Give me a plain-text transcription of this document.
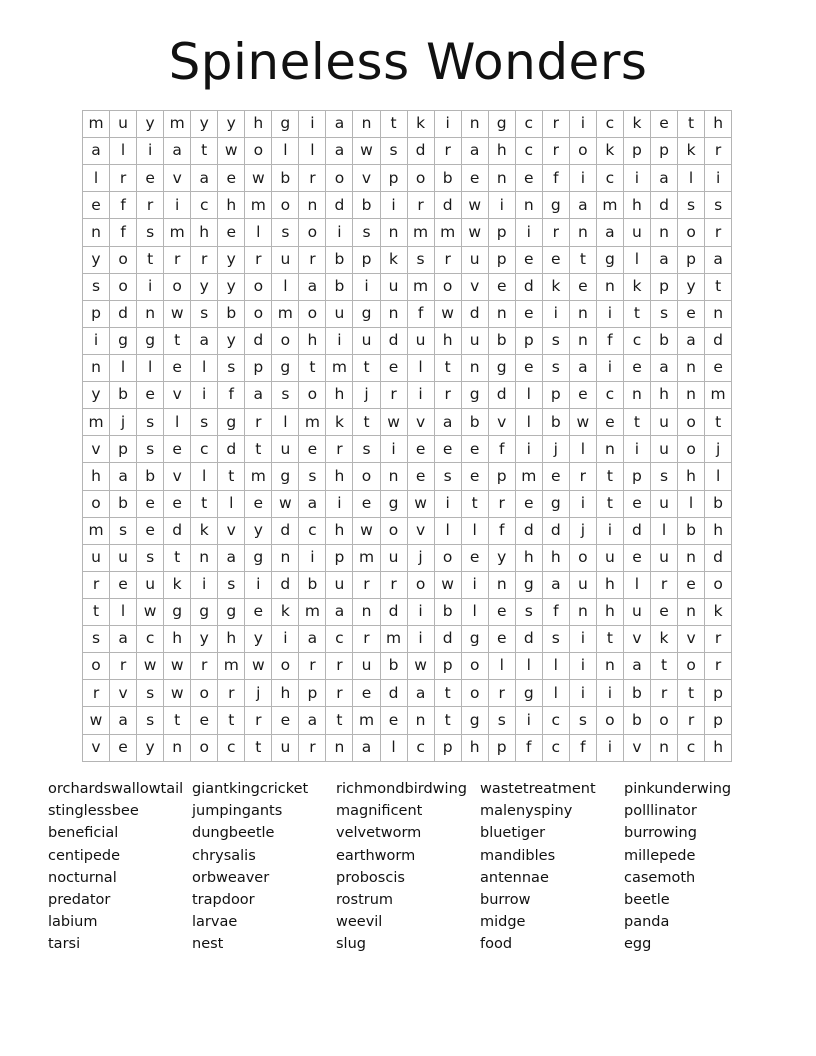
Spineless Wonders
m	u	y	m	y	y	h	g	i	a	n	t	k	i	n	g	c	r	i	c	k	e	t	h
a	l	i	a	t	w	o	l	l	a	w	s	d	r	a	h	c	r	o	k	p	p	k	r
l	r	e	v	a	e	w	b	r	o	v	p	o	b	e	n	e	f	i	c	i	a	l	i
e	f	r	i	c	h	m	o	n	d	b	i	r	d	w	i	n	g	a	m	h	d	s	s
n	f	s	m	h	e	l	s	o	i	s	n	m	m	w	p	i	r	n	a	u	n	o	r
y	o	t	r	r	y	r	u	r	b	p	k	s	r	u	p	e	e	t	g	l	a	p	a
s	o	i	o	y	y	o	l	a	b	i	u	m	o	v	e	d	k	e	n	k	p	y	t
p	d	n	w	s	b	o	m	o	u	g	n	f	w	d	n	e	i	n	i	t	s	e	n
i	g	g	t	a	y	d	o	h	i	u	d	u	h	u	b	p	s	n	f	c	b	a	d
n	l	l	e	l	s	p	g	t	m	t	e	l	t	n	g	e	s	a	i	e	a	n	e
y	b	e	v	i	f	a	s	o	h	j	r	i	r	g	d	l	p	e	c	n	h	n	m
m	j	s	l	s	g	r	l	m	k	t	w	v	a	b	v	l	b	w	e	t	u	o	t
v	p	s	e	c	d	t	u	e	r	s	i	e	e	e	f	i	j	l	n	i	u	o	j
h	a	b	v	l	t	m	g	s	h	o	n	e	s	e	p	m	e	r	t	p	s	h	l
o	b	e	e	t	l	e	w	a	i	e	g	w	i	t	r	e	g	i	t	e	u	l	b
m	s	e	d	k	v	y	d	c	h	w	o	v	l	l	f	d	d	j	i	d	l	b	h
u	u	s	t	n	a	g	n	i	p	m	u	j	o	e	y	h	h	o	u	e	u	n	d
r	e	u	k	i	s	i	d	b	u	r	r	o	w	i	n	g	a	u	h	l	r	e	o
t	l	w	g	g	g	e	k	m	a	n	d	i	b	l	e	s	f	n	h	u	e	n	k
s	a	c	h	y	h	y	i	a	c	r	m	i	d	g	e	d	s	i	t	v	k	v	r
o	r	w	w	r	m	w	o	r	r	u	b	w	p	o	l	l	l	i	n	a	t	o	r
r	v	s	w	o	r	j	h	p	r	e	d	a	t	o	r	g	l	i	i	b	r	t	p
w	a	s	t	e	t	r	e	a	t	m	e	n	t	g	s	i	c	s	o	b	o	r	p
v	e	y	n	o	c	t	u	r	n	a	l	c	p	h	p	f	c	f	i	v	n	c	h
orchardswallowtail
stinglessbee
beneficial
centipede
nocturnal
predator
labium
tarsi
giantkingcricket
jumpingants
dungbeetle
chrysalis
orbweaver
trapdoor
larvae
nest
richmondbirdwing
magnificent
velvetworm
earthworm
proboscis
rostrum
weevil
slug
wastetreatment
malenyspiny
bluetiger
mandibles
antennae
burrow
midge
food
pinkunderwing
polllinator
burrowing
millepede
casemoth
beetle
panda
egg
